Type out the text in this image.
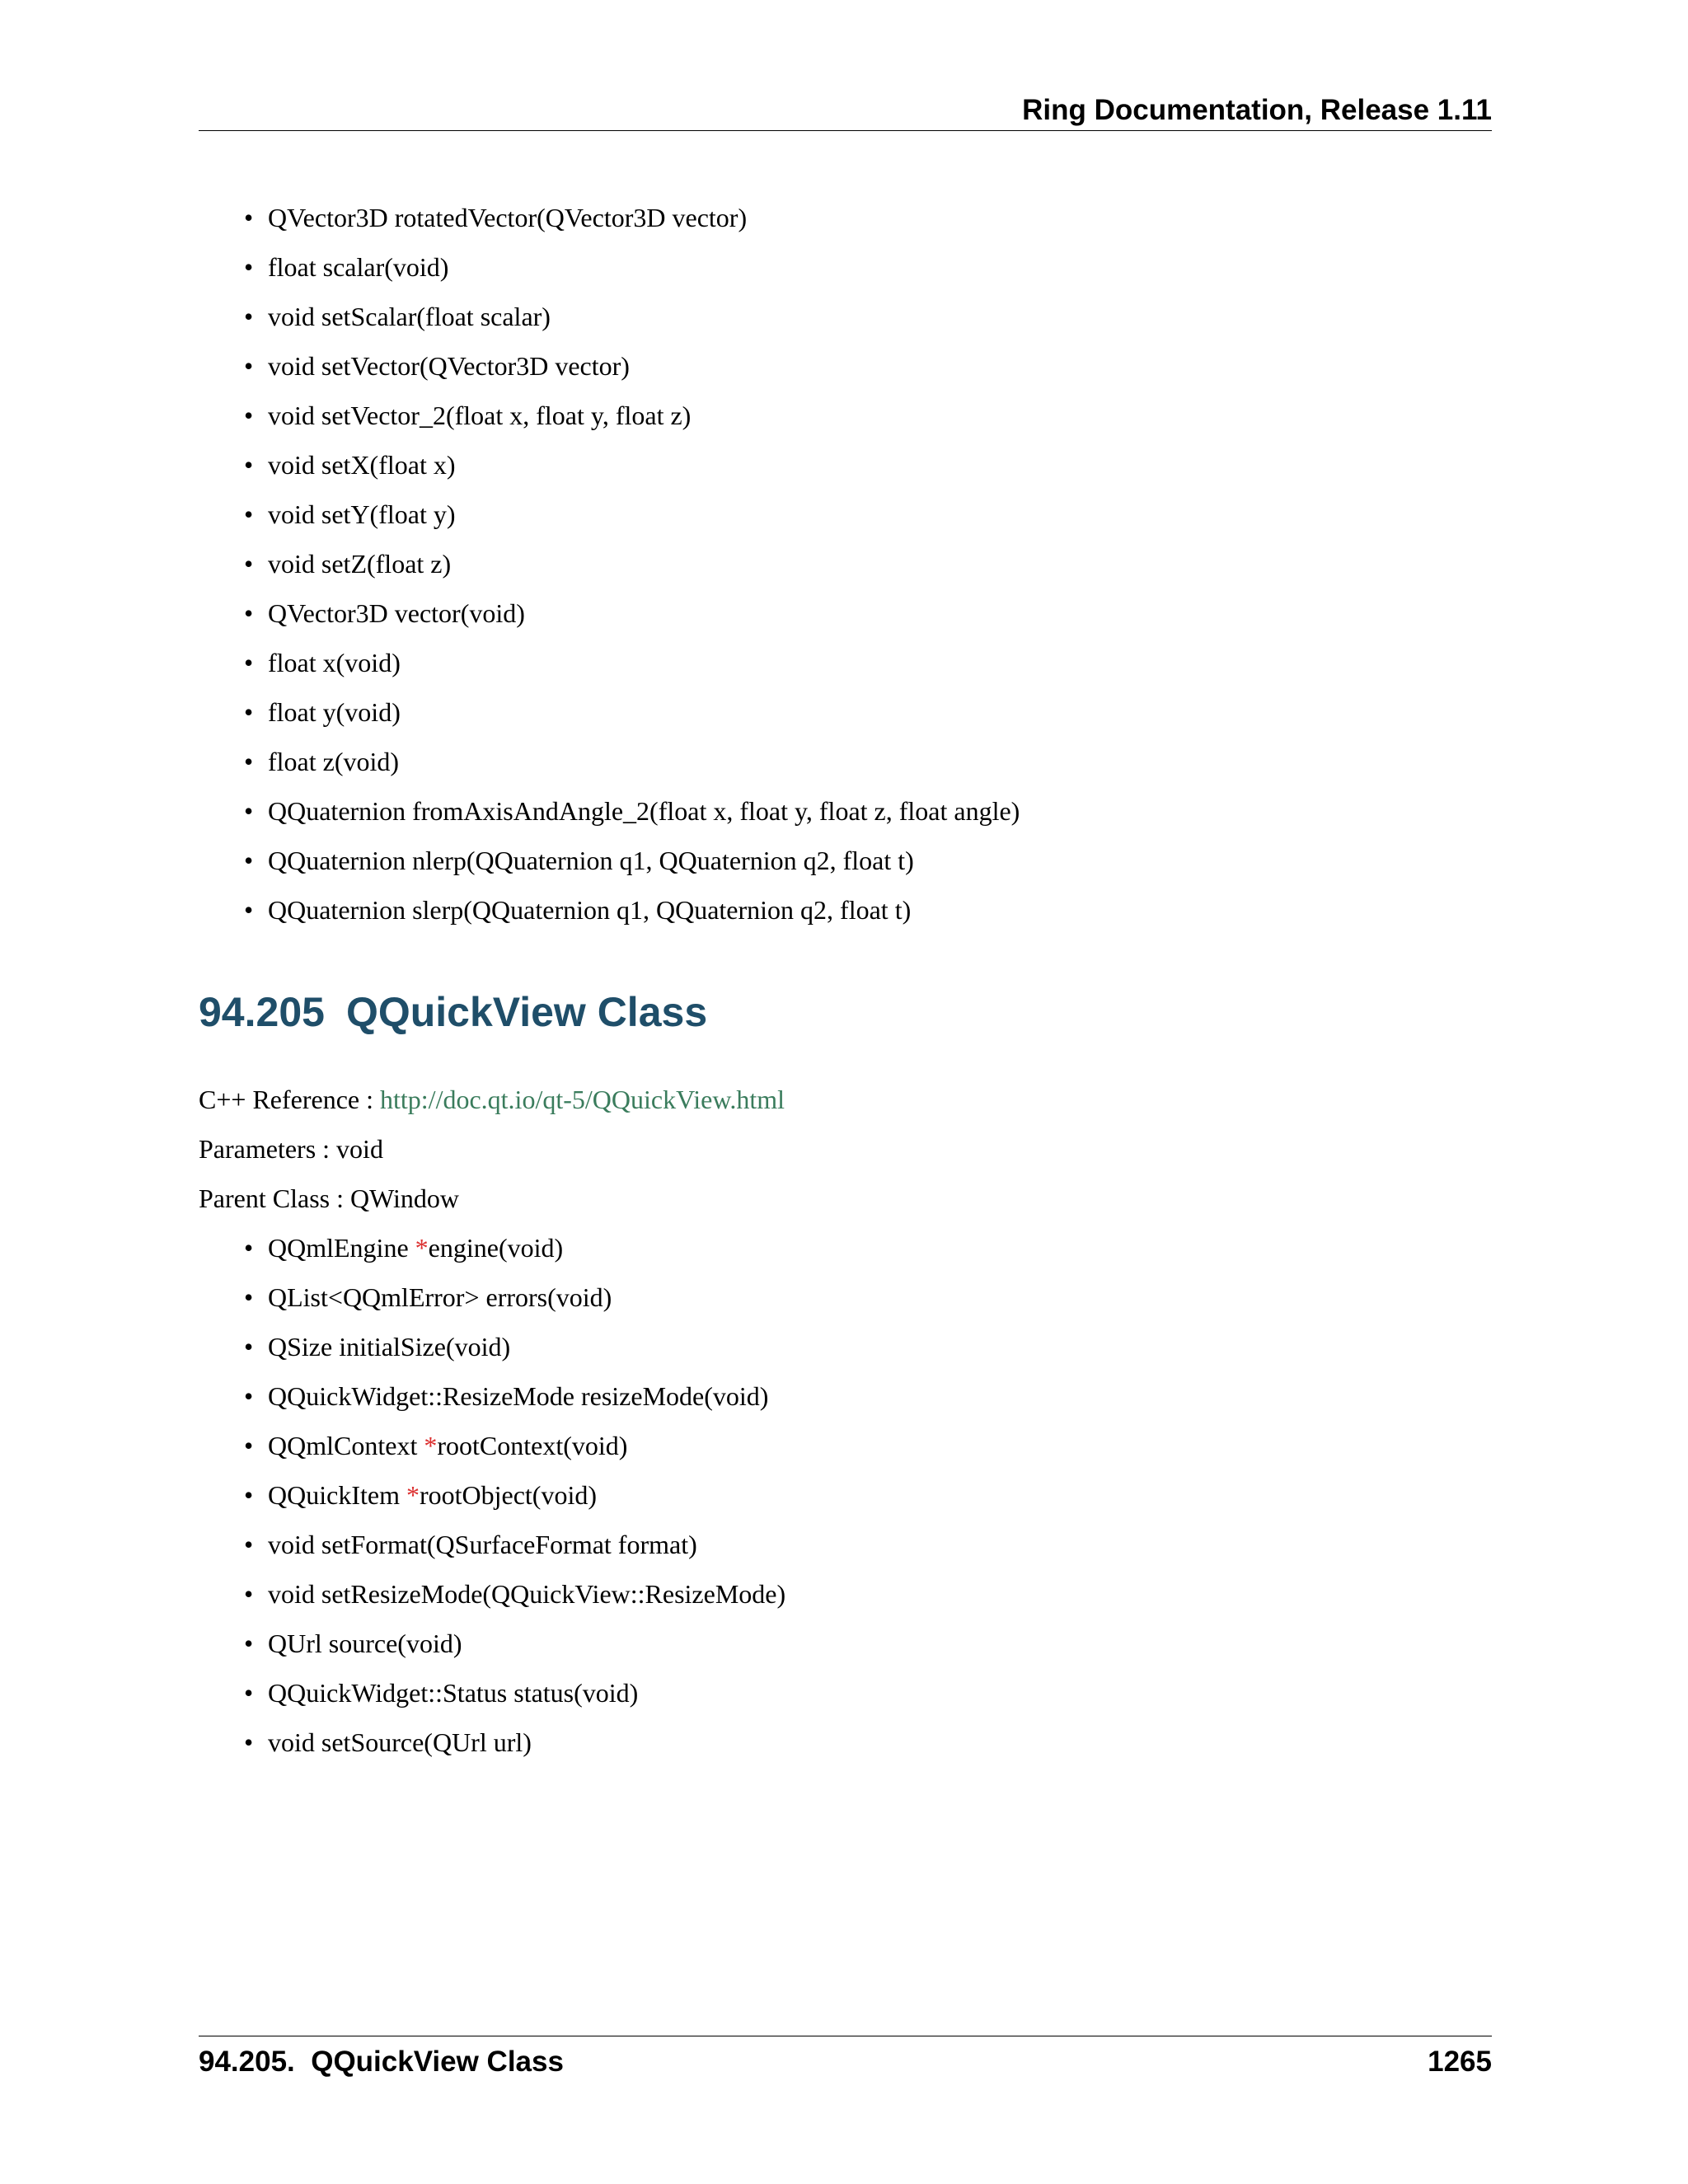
Ring Documentation, Release 1.11
• QVector3D rotatedVector(QVector3D vector)
• float scalar(void)
• void setScalar(float scalar)
• void setVector(QVector3D vector)
• void setVector_2(float x, float y, float z)
• void setX(float x)
• void setY(float y)
• void setZ(float z)
• QVector3D vector(void)
• float x(void)
• float y(void)
• float z(void)
• QQuaternion fromAxisAndAngle_2(float x, float y, float z, float angle)
• QQuaternion nlerp(QQuaternion q1, QQuaternion q2, float t)
• QQuaternion slerp(QQuaternion q1, QQuaternion q2, float t)
94.205 QQuickView Class
C++ Reference : http://doc.qt.io/qt-5/QQuickView.html
Parameters : void
Parent Class : QWindow
• QQmlEngine *engine(void)
• QList<QQmlError> errors(void)
• QSize initialSize(void)
• QQuickWidget::ResizeMode resizeMode(void)
• QQmlContext *rootContext(void)
• QQuickItem *rootObject(void)
• void setFormat(QSurfaceFormat format)
• void setResizeMode(QQuickView::ResizeMode)
• QUrl source(void)
• QQuickWidget::Status status(void)
• void setSource(QUrl url)
94.205.  QQuickView Class	1265
